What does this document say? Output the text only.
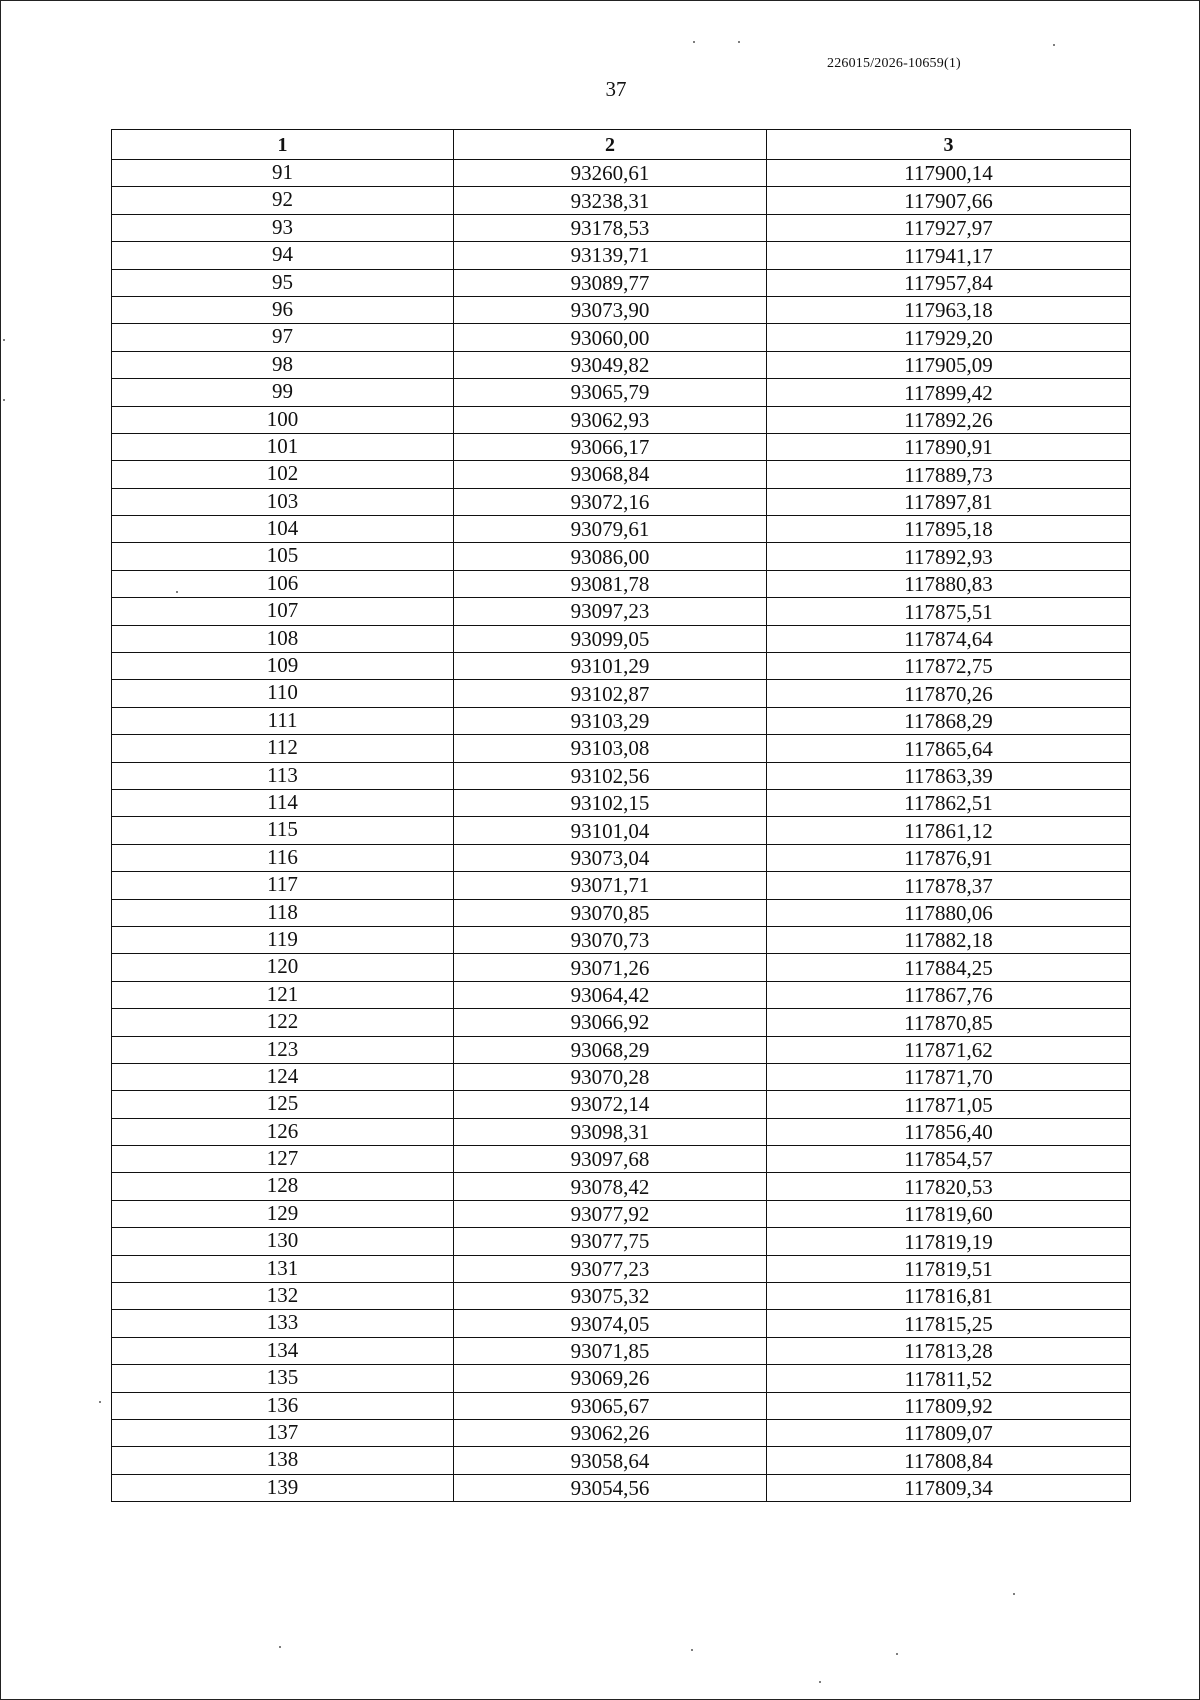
226015/2026-10659(1)
37
1	2	3
91	93260,61	117900,14
92	93238,31	117907,66
93	93178,53	117927,97
94	93139,71	117941,17
95	93089,77	117957,84
96	93073,90	117963,18
97	93060,00	117929,20
98	93049,82	117905,09
99	93065,79	117899,42
100	93062,93	117892,26
101	93066,17	117890,91
102	93068,84	117889,73
103	93072,16	117897,81
104	93079,61	117895,18
105	93086,00	117892,93
106	93081,78	117880,83
107	93097,23	117875,51
108	93099,05	117874,64
109	93101,29	117872,75
110	93102,87	117870,26
111	93103,29	117868,29
112	93103,08	117865,64
113	93102,56	117863,39
114	93102,15	117862,51
115	93101,04	117861,12
116	93073,04	117876,91
117	93071,71	117878,37
118	93070,85	117880,06
119	93070,73	117882,18
120	93071,26	117884,25
121	93064,42	117867,76
122	93066,92	117870,85
123	93068,29	117871,62
124	93070,28	117871,70
125	93072,14	117871,05
126	93098,31	117856,40
127	93097,68	117854,57
128	93078,42	117820,53
129	93077,92	117819,60
130	93077,75	117819,19
131	93077,23	117819,51
132	93075,32	117816,81
133	93074,05	117815,25
134	93071,85	117813,28
135	93069,26	117811,52
136	93065,67	117809,92
137	93062,26	117809,07
138	93058,64	117808,84
139	93054,56	117809,34
